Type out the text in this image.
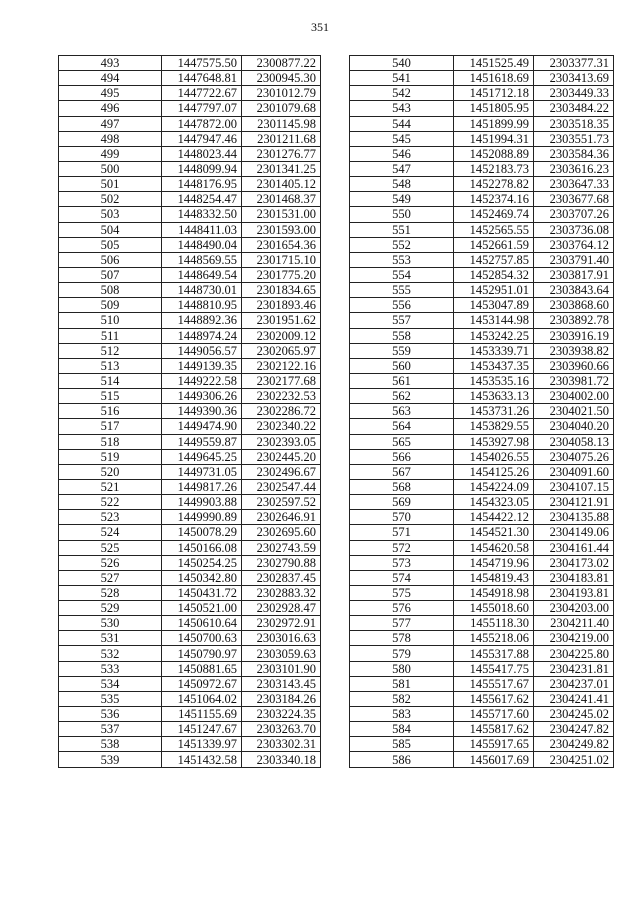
351
493	1447575.50	2300877.22
494	1447648.81	2300945.30
495	1447722.67	2301012.79
496	1447797.07	2301079.68
497	1447872.00	2301145.98
498	1447947.46	2301211.68
499	1448023.44	2301276.77
500	1448099.94	2301341.25
501	1448176.95	2301405.12
502	1448254.47	2301468.37
503	1448332.50	2301531.00
504	1448411.03	2301593.00
505	1448490.04	2301654.36
506	1448569.55	2301715.10
507	1448649.54	2301775.20
508	1448730.01	2301834.65
509	1448810.95	2301893.46
510	1448892.36	2301951.62
511	1448974.24	2302009.12
512	1449056.57	2302065.97
513	1449139.35	2302122.16
514	1449222.58	2302177.68
515	1449306.26	2302232.53
516	1449390.36	2302286.72
517	1449474.90	2302340.22
518	1449559.87	2302393.05
519	1449645.25	2302445.20
520	1449731.05	2302496.67
521	1449817.26	2302547.44
522	1449903.88	2302597.52
523	1449990.89	2302646.91
524	1450078.29	2302695.60
525	1450166.08	2302743.59
526	1450254.25	2302790.88
527	1450342.80	2302837.45
528	1450431.72	2302883.32
529	1450521.00	2302928.47
530	1450610.64	2302972.91
531	1450700.63	2303016.63
532	1450790.97	2303059.63
533	1450881.65	2303101.90
534	1450972.67	2303143.45
535	1451064.02	2303184.26
536	1451155.69	2303224.35
537	1451247.67	2303263.70
538	1451339.97	2303302.31
539	1451432.58	2303340.18
540	1451525.49	2303377.31
541	1451618.69	2303413.69
542	1451712.18	2303449.33
543	1451805.95	2303484.22
544	1451899.99	2303518.35
545	1451994.31	2303551.73
546	1452088.89	2303584.36
547	1452183.73	2303616.23
548	1452278.82	2303647.33
549	1452374.16	2303677.68
550	1452469.74	2303707.26
551	1452565.55	2303736.08
552	1452661.59	2303764.12
553	1452757.85	2303791.40
554	1452854.32	2303817.91
555	1452951.01	2303843.64
556	1453047.89	2303868.60
557	1453144.98	2303892.78
558	1453242.25	2303916.19
559	1453339.71	2303938.82
560	1453437.35	2303960.66
561	1453535.16	2303981.72
562	1453633.13	2304002.00
563	1453731.26	2304021.50
564	1453829.55	2304040.20
565	1453927.98	2304058.13
566	1454026.55	2304075.26
567	1454125.26	2304091.60
568	1454224.09	2304107.15
569	1454323.05	2304121.91
570	1454422.12	2304135.88
571	1454521.30	2304149.06
572	1454620.58	2304161.44
573	1454719.96	2304173.02
574	1454819.43	2304183.81
575	1454918.98	2304193.81
576	1455018.60	2304203.00
577	1455118.30	2304211.40
578	1455218.06	2304219.00
579	1455317.88	2304225.80
580	1455417.75	2304231.81
581	1455517.67	2304237.01
582	1455617.62	2304241.41
583	1455717.60	2304245.02
584	1455817.62	2304247.82
585	1455917.65	2304249.82
586	1456017.69	2304251.02
